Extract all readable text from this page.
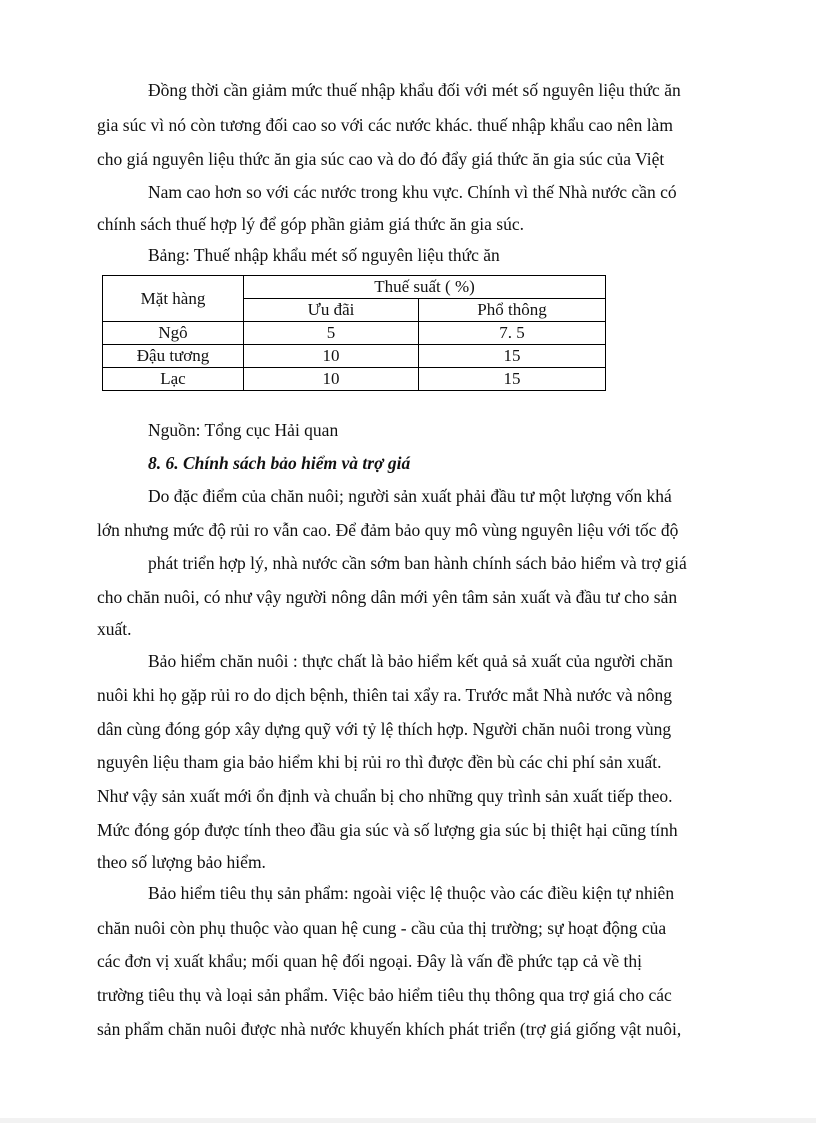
Đồng thời cần giảm mức thuế nhập khẩu đối với mét số nguyên liệu thức ăn
gia súc vì nó còn tương đối cao so với các nước khác. thuế nhập khẩu cao nên làm
cho giá nguyên liệu thức ăn gia súc cao và do đó đẩy giá thức ăn gia súc của Việt
Nam cao hơn so với các nước trong khu vực. Chính vì thế Nhà nước cần có
chính sách thuế hợp lý để góp phần giảm giá thức ăn gia súc.
Bảng: Thuế nhập khẩu mét số nguyên liệu thức ăn
Mặt hàng	Thuế suất ( %)	
	Ưu đãi	Phổ thông
Ngô	5	7. 5
Đậu tương	10	15
Lạc	10	15
Nguồn: Tổng cục Hải quan
8. 6. Chính sách bảo hiểm và trợ giá
Do đặc điểm của chăn nuôi; người sản xuất phải đầu tư một lượng vốn khá
lớn nhưng mức độ rủi ro vẫn cao. Để đảm bảo quy mô vùng nguyên liệu với tốc độ
phát triển hợp lý, nhà nước cần sớm ban hành chính sách bảo hiểm và trợ giá
cho chăn nuôi, có như vậy người nông dân mới yên tâm sản xuất và đầu tư cho sản
xuất.
Bảo hiểm chăn nuôi : thực chất là bảo hiểm kết quả sả xuất của người chăn
nuôi khi họ gặp rủi ro do dịch bệnh, thiên tai xẩy ra. Trước mắt Nhà nước và nông
dân cùng đóng góp xây dựng quỹ với tỷ lệ thích hợp. Người chăn nuôi trong vùng
nguyên liệu tham gia bảo hiểm khi bị rủi ro thì được đền bù các chi phí sản xuất.
Như vậy sản xuất mới ổn định và chuẩn bị cho những quy trình sản xuất tiếp theo.
Mức đóng góp được tính theo đầu gia súc và số lượng gia súc bị thiệt hại cũng tính
theo số lượng bảo hiểm.
Bảo hiểm tiêu thụ sản phẩm: ngoài việc lệ thuộc vào các điều kiện tự nhiên
chăn nuôi còn phụ thuộc vào quan hệ cung - cầu của thị trường; sự hoạt động của
các đơn vị xuất khẩu; mối quan hệ đối ngoại. Đây là vấn đề phức tạp cả về thị
trường tiêu thụ và loại sản phẩm. Việc bảo hiểm tiêu thụ thông qua trợ giá cho các
sản phẩm chăn nuôi được nhà nước khuyến khích phát triển (trợ giá giống vật nuôi,
